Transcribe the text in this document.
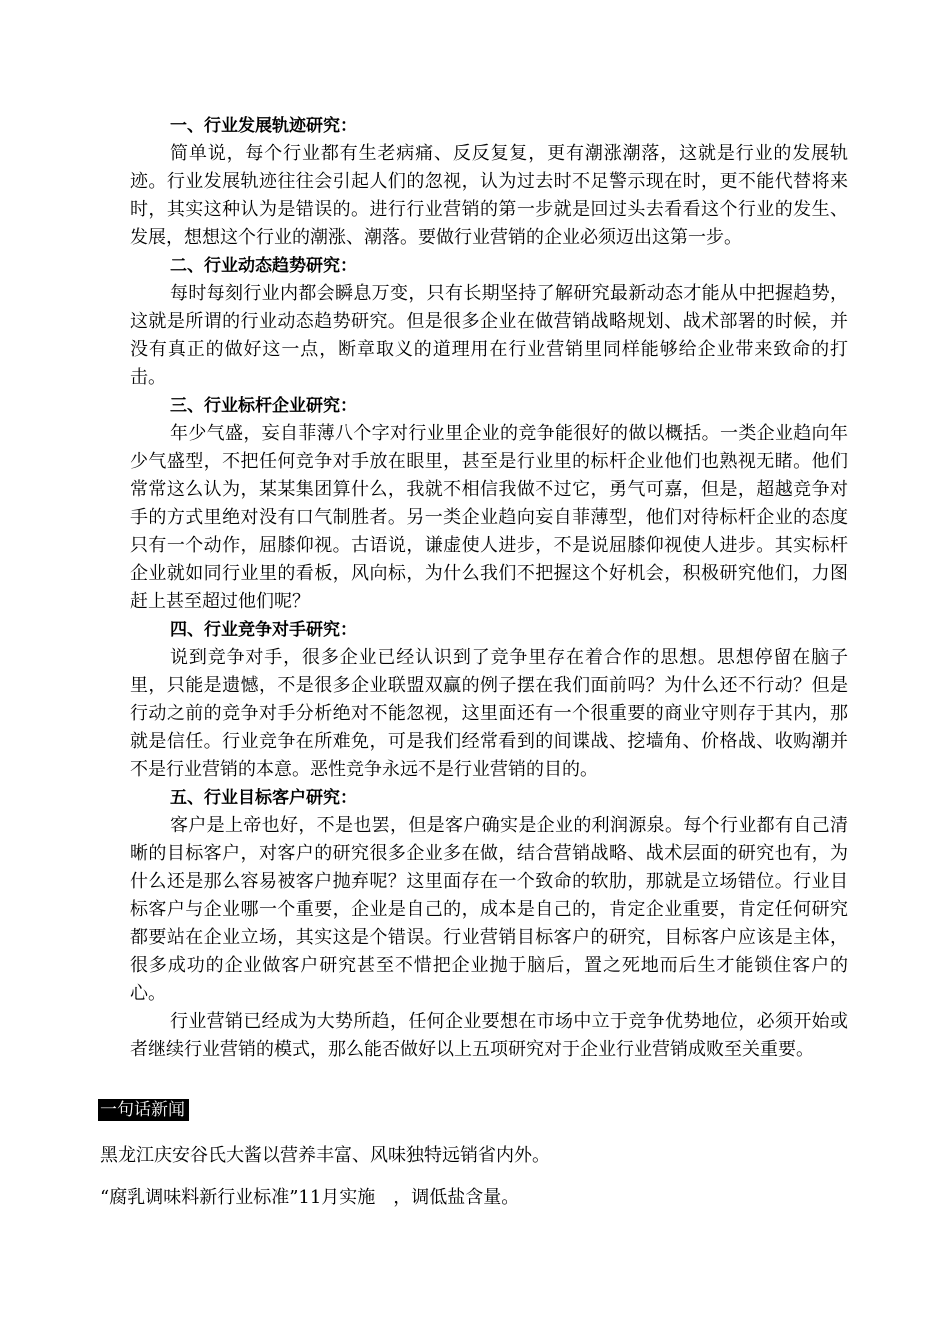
一、行业发展轨迹研究：

简单说，每个行业都有生老病痛、反反复复，更有潮涨潮落，这就是行业的发展轨迹。行业发展轨迹往往会引起人们的忽视，认为过去时不足警示现在时，更不能代替将来时，其实这种认为是错误的。进行行业营销的第一步就是回过头去看看这个行业的发生、发展，想想这个行业的潮涨、潮落。要做行业营销的企业必须迈出这第一步。

二、行业动态趋势研究：

每时每刻行业内都会瞬息万变，只有长期坚持了解研究最新动态才能从中把握趋势，这就是所谓的行业动态趋势研究。但是很多企业在做营销战略规划、战术部署的时候，并没有真正的做好这一点，断章取义的道理用在行业营销里同样能够给企业带来致命的打击。

三、行业标杆企业研究：

年少气盛，妄自菲薄八个字对行业里企业的竞争能很好的做以概括。一类企业趋向年少气盛型，不把任何竞争对手放在眼里，甚至是行业里的标杆企业他们也熟视无睹。他们常常这么认为，某某集团算什么，我就不相信我做不过它，勇气可嘉，但是，超越竞争对手的方式里绝对没有口气制胜者。另一类企业趋向妄自菲薄型，他们对待标杆企业的态度只有一个动作，屈膝仰视。古语说，谦虚使人进步，不是说屈膝仰视使人进步。其实标杆企业就如同行业里的看板，风向标，为什么我们不把握这个好机会，积极研究他们，力图赶上甚至超过他们呢？

四、行业竞争对手研究：

说到竞争对手，很多企业已经认识到了竞争里存在着合作的思想。思想停留在脑子里，只能是遗憾，不是很多企业联盟双赢的例子摆在我们面前吗？为什么还不行动？但是行动之前的竞争对手分析绝对不能忽视，这里面还有一个很重要的商业守则存于其内，那就是信任。行业竞争在所难免，可是我们经常看到的间谍战、挖墙角、价格战、收购潮并不是行业营销的本意。恶性竞争永远不是行业营销的目的。

五、行业目标客户研究：

客户是上帝也好，不是也罢，但是客户确实是企业的利润源泉。每个行业都有自己清晰的目标客户，对客户的研究很多企业多在做，结合营销战略、战术层面的研究也有，为什么还是那么容易被客户抛弃呢？这里面存在一个致命的软肋，那就是立场错位。行业目标客户与企业哪一个重要，企业是自己的，成本是自己的，肯定企业重要，肯定任何研究都要站在企业立场，其实这是个错误。行业营销目标客户的研究，目标客户应该是主体，很多成功的企业做客户研究甚至不惜把企业抛于脑后，置之死地而后生才能锁住客户的心。

行业营销已经成为大势所趋，任何企业要想在市场中立于竞争优势地位，必须开始或者继续行业营销的模式，那么能否做好以上五项研究对于企业行业营销成败至关重要。

一句话新闻
黑龙江庆安谷氏大酱以营养丰富、风味独特远销省内外。
“腐乳调味料新行业标准”11月实施　，调低盐含量。
